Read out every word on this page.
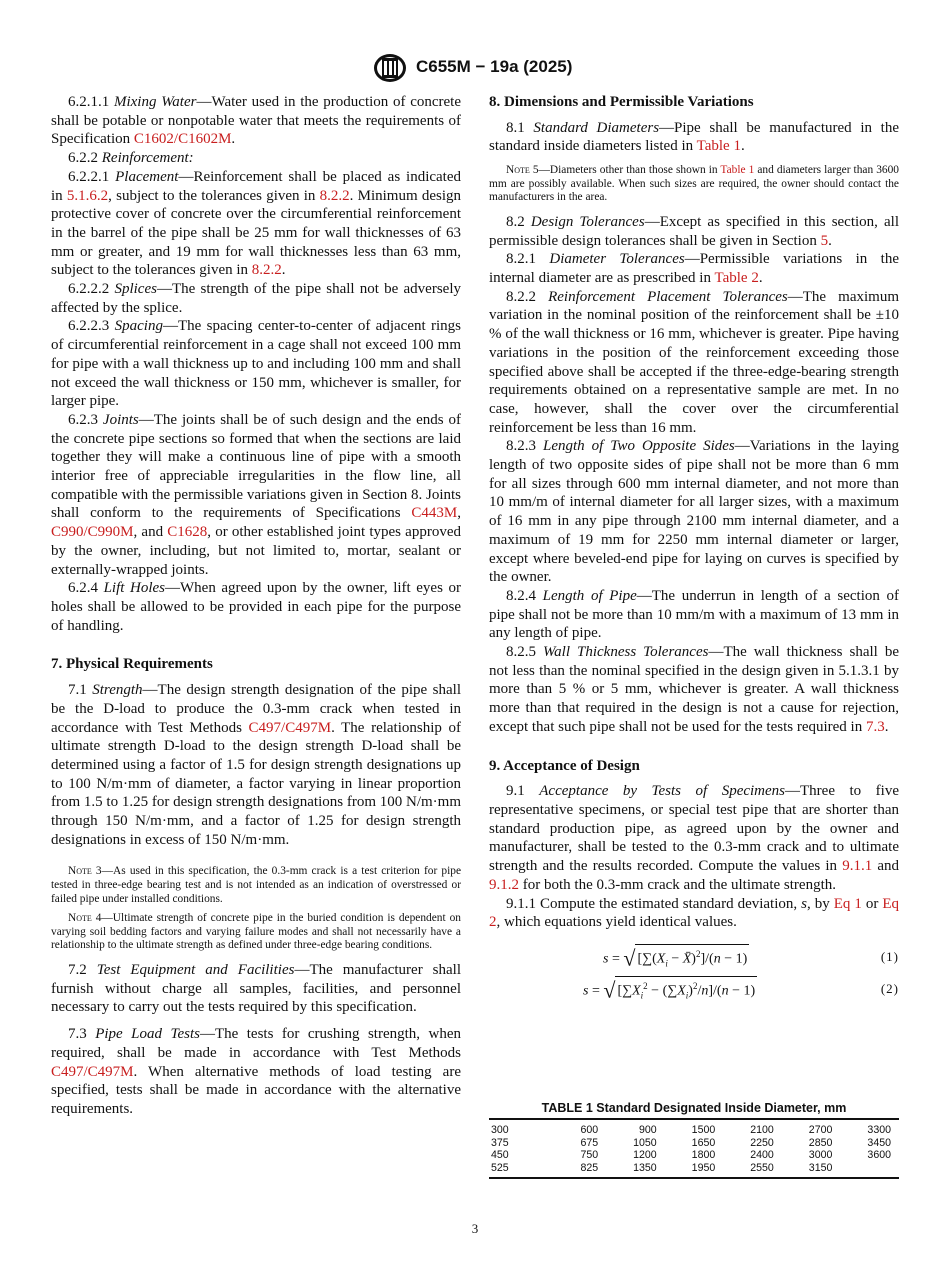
C655M − 19a (2025)

6.2.1.1 Mixing Water—Water used in the production of concrete shall be potable or nonpotable water that meets the requirements of Specification C1602/C1602M.

6.2.2 Reinforcement:

6.2.2.1 Placement—Reinforcement shall be placed as indicated in 5.1.6.2, subject to the tolerances given in 8.2.2. Minimum design protective cover of concrete over the circumferential reinforcement in the barrel of the pipe shall be 25 mm for wall thicknesses of 63 mm or greater, and 19 mm for wall thicknesses less than 63 mm, subject to the tolerances given in 8.2.2.

6.2.2.2 Splices—The strength of the pipe shall not be adversely affected by the splice.

6.2.2.3 Spacing—The spacing center-to-center of adjacent rings of circumferential reinforcement in a cage shall not exceed 100 mm for pipe with a wall thickness up to and including 100 mm and shall not exceed the wall thickness or 150 mm, whichever is smaller, for larger pipe.

6.2.3 Joints—The joints shall be of such design and the ends of the concrete pipe sections so formed that when the sections are laid together they will make a continuous line of pipe with a smooth interior free of appreciable irregularities in the flow line, all compatible with the permissible variations given in Section 8. Joints shall conform to the requirements of Specifications C443M, C990/C990M, and C1628, or other established joint types approved by the owner, including, but not limited to, mortar, sealant or externally-wrapped joints.

6.2.4 Lift Holes—When agreed upon by the owner, lift eyes or holes shall be allowed to be provided in each pipe for the purpose of handling.

7. Physical Requirements

7.1 Strength—The design strength designation of the pipe shall be the D-load to produce the 0.3-mm crack when tested in accordance with Test Methods C497/C497M. The relationship of ultimate strength D-load to the design strength D-load shall be determined using a factor of 1.5 for design strength designations up to 100 N/m·mm of diameter, a factor varying in linear proportion from 1.5 to 1.25 for design strength designations from 100 N/m·mm through 150 N/m·mm, and a factor of 1.25 for design strength designations in excess of 150 N/m·mm.

Note 3—As used in this specification, the 0.3-mm crack is a test criterion for pipe tested in three-edge bearing test and is not intended as an indication of overstressed or failed pipe under installed conditions.
Note 4—Ultimate strength of concrete pipe in the buried condition is dependent on varying soil bedding factors and varying failure modes and shall not necessarily have a relationship to the ultimate strength as defined under three-edge bearing conditions.

7.2 Test Equipment and Facilities—The manufacturer shall furnish without charge all samples, facilities, and personnel necessary to carry out the tests required by this specification.

7.3 Pipe Load Tests—The tests for crushing strength, when required, shall be made in accordance with Test Methods C497/C497M. When alternative methods of load testing are specified, tests shall be made in accordance with the alternative requirements.

8. Dimensions and Permissible Variations

8.1 Standard Diameters—Pipe shall be manufactured in the standard inside diameters listed in Table 1.

Note 5—Diameters other than those shown in Table 1 and diameters larger than 3600 mm are possibly available. When such sizes are required, the owner should contact the manufacturers in the area.

8.2 Design Tolerances—Except as specified in this section, all permissible design tolerances shall be given in Section 5.

8.2.1 Diameter Tolerances—Permissible variations in the internal diameter are as prescribed in Table 2.

8.2.2 Reinforcement Placement Tolerances—The maximum variation in the nominal position of the reinforcement shall be ±10 % of the wall thickness or 16 mm, whichever is greater. Pipe having variations in the position of the reinforcement exceeding those specified above shall be accepted if the three-edge-bearing strength requirements obtained on a representative sample are met. In no case, however, shall the cover over the circumferential reinforcement be less than 16 mm.

8.2.3 Length of Two Opposite Sides—Variations in the laying length of two opposite sides of pipe shall not be more than 6 mm for all sizes through 600 mm internal diameter, and not more than 10 mm/m of internal diameter for all larger sizes, with a maximum of 16 mm in any pipe through 2100 mm internal diameter, and a maximum of 19 mm for 2250 mm internal diameter or larger, except where beveled-end pipe for laying on curves is specified by the owner.

8.2.4 Length of Pipe—The underrun in length of a section of pipe shall not be more than 10 mm/m with a maximum of 13 mm in any length of pipe.

8.2.5 Wall Thickness Tolerances—The wall thickness shall be not less than the nominal specified in the design given in 5.1.3.1 by more than 5 % or 5 mm, whichever is greater. A wall thickness more than that required in the design is not a cause for rejection, except that such pipe shall not be used for the tests required in 7.3.

9. Acceptance of Design

9.1 Acceptance by Tests of Specimens—Three to five representative specimens, or special test pipe that are shorter than standard production pipe, as agreed upon by the owner and manufacturer, shall be tested to the 0.3-mm crack and to ultimate strength and the results recorded. Compute the values in 9.1.1 and 9.1.2 for both the 0.3-mm crack and the ultimate strength.

9.1.1 Compute the estimated standard deviation, s, by Eq 1 or Eq 2, which equations yield identical values.

s = √ [$\sum(X_i$ − X̄)$^2$]/(n − 1)	(1)
s = √ $[\sum X_i^2 - (\sum X_i)^2/n]/(n - 1)$	(2)
TABLE 1 Standard Designated Inside Diameter, mm
300	600	900	1500	2100	2700	3300
375	675	1050	1650	2250	2850	3450
450	750	1200	1800	2400	3000	3600
525	825	1350	1950	2550	3150	
3
